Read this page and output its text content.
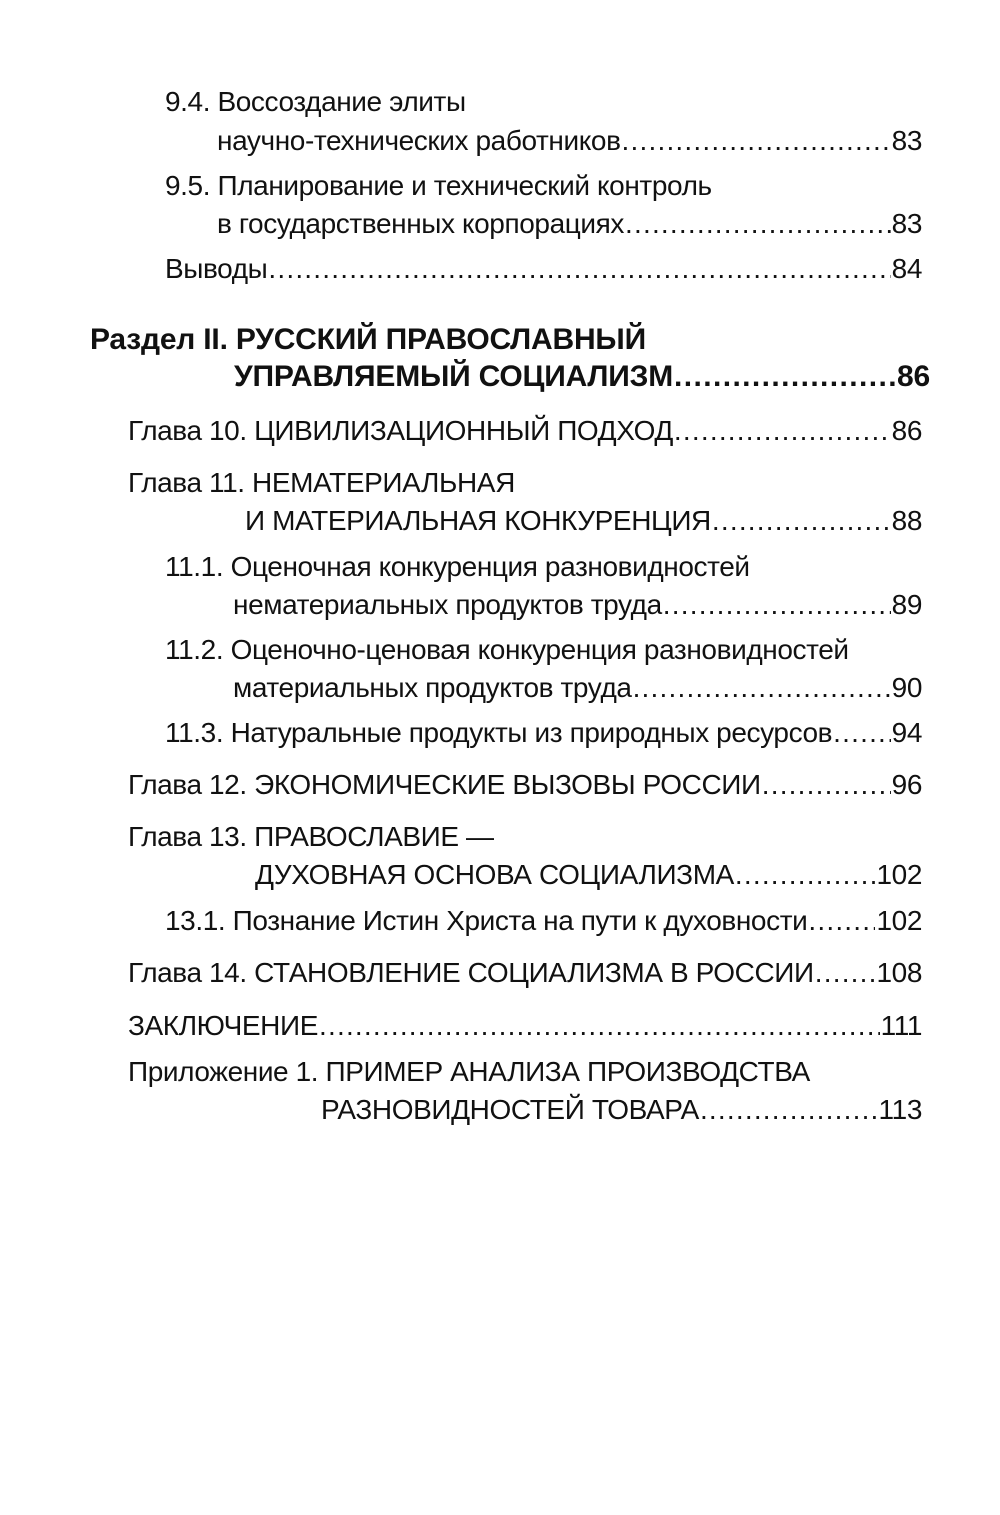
9.4. Воссоздание элиты
научно-технических работников .....	83
9.5. Планирование и технический контроль
в государственных корпорациях .....	83
Выводы .....	84
Раздел II. РУССКИЙ ПРАВОСЛАВНЫЙ
УПРАВЛЯЕМЫЙ СОЦИАЛИЗМ .....	86
Глава 10. ЦИВИЛИЗАЦИОННЫЙ ПОДХОД .....	86
Глава 11. НЕМАТЕРИАЛЬНАЯ
И МАТЕРИАЛЬНАЯ КОНКУРЕНЦИЯ .....	88
11.1. Оценочная конкуренция разновидностей
нематериальных продуктов труда .....	89
11.2. Оценочно-ценовая конкуренция разновидностей
материальных продуктов труда .....	90
11.3. Натуральные продукты из природных ресурсов ..... 94
Глава 12. ЭКОНОМИЧЕСКИЕ ВЫЗОВЫ РОССИИ .....	96
Глава 13. ПРАВОСЛАВИЕ —
ДУХОВНАЯ ОСНОВА СОЦИАЛИЗМА .....	102
13.1. Познание Истин Христа на пути к духовности ..... 102
Глава 14. СТАНОВЛЕНИЕ СОЦИАЛИЗМА В РОССИИ ..... 108
ЗАКЛЮЧЕНИЕ .....	111
Приложение 1. ПРИМЕР АНАЛИЗА ПРОИЗВОДСТВА
РАЗНОВИДНОСТЕЙ ТОВАРА .....	113
